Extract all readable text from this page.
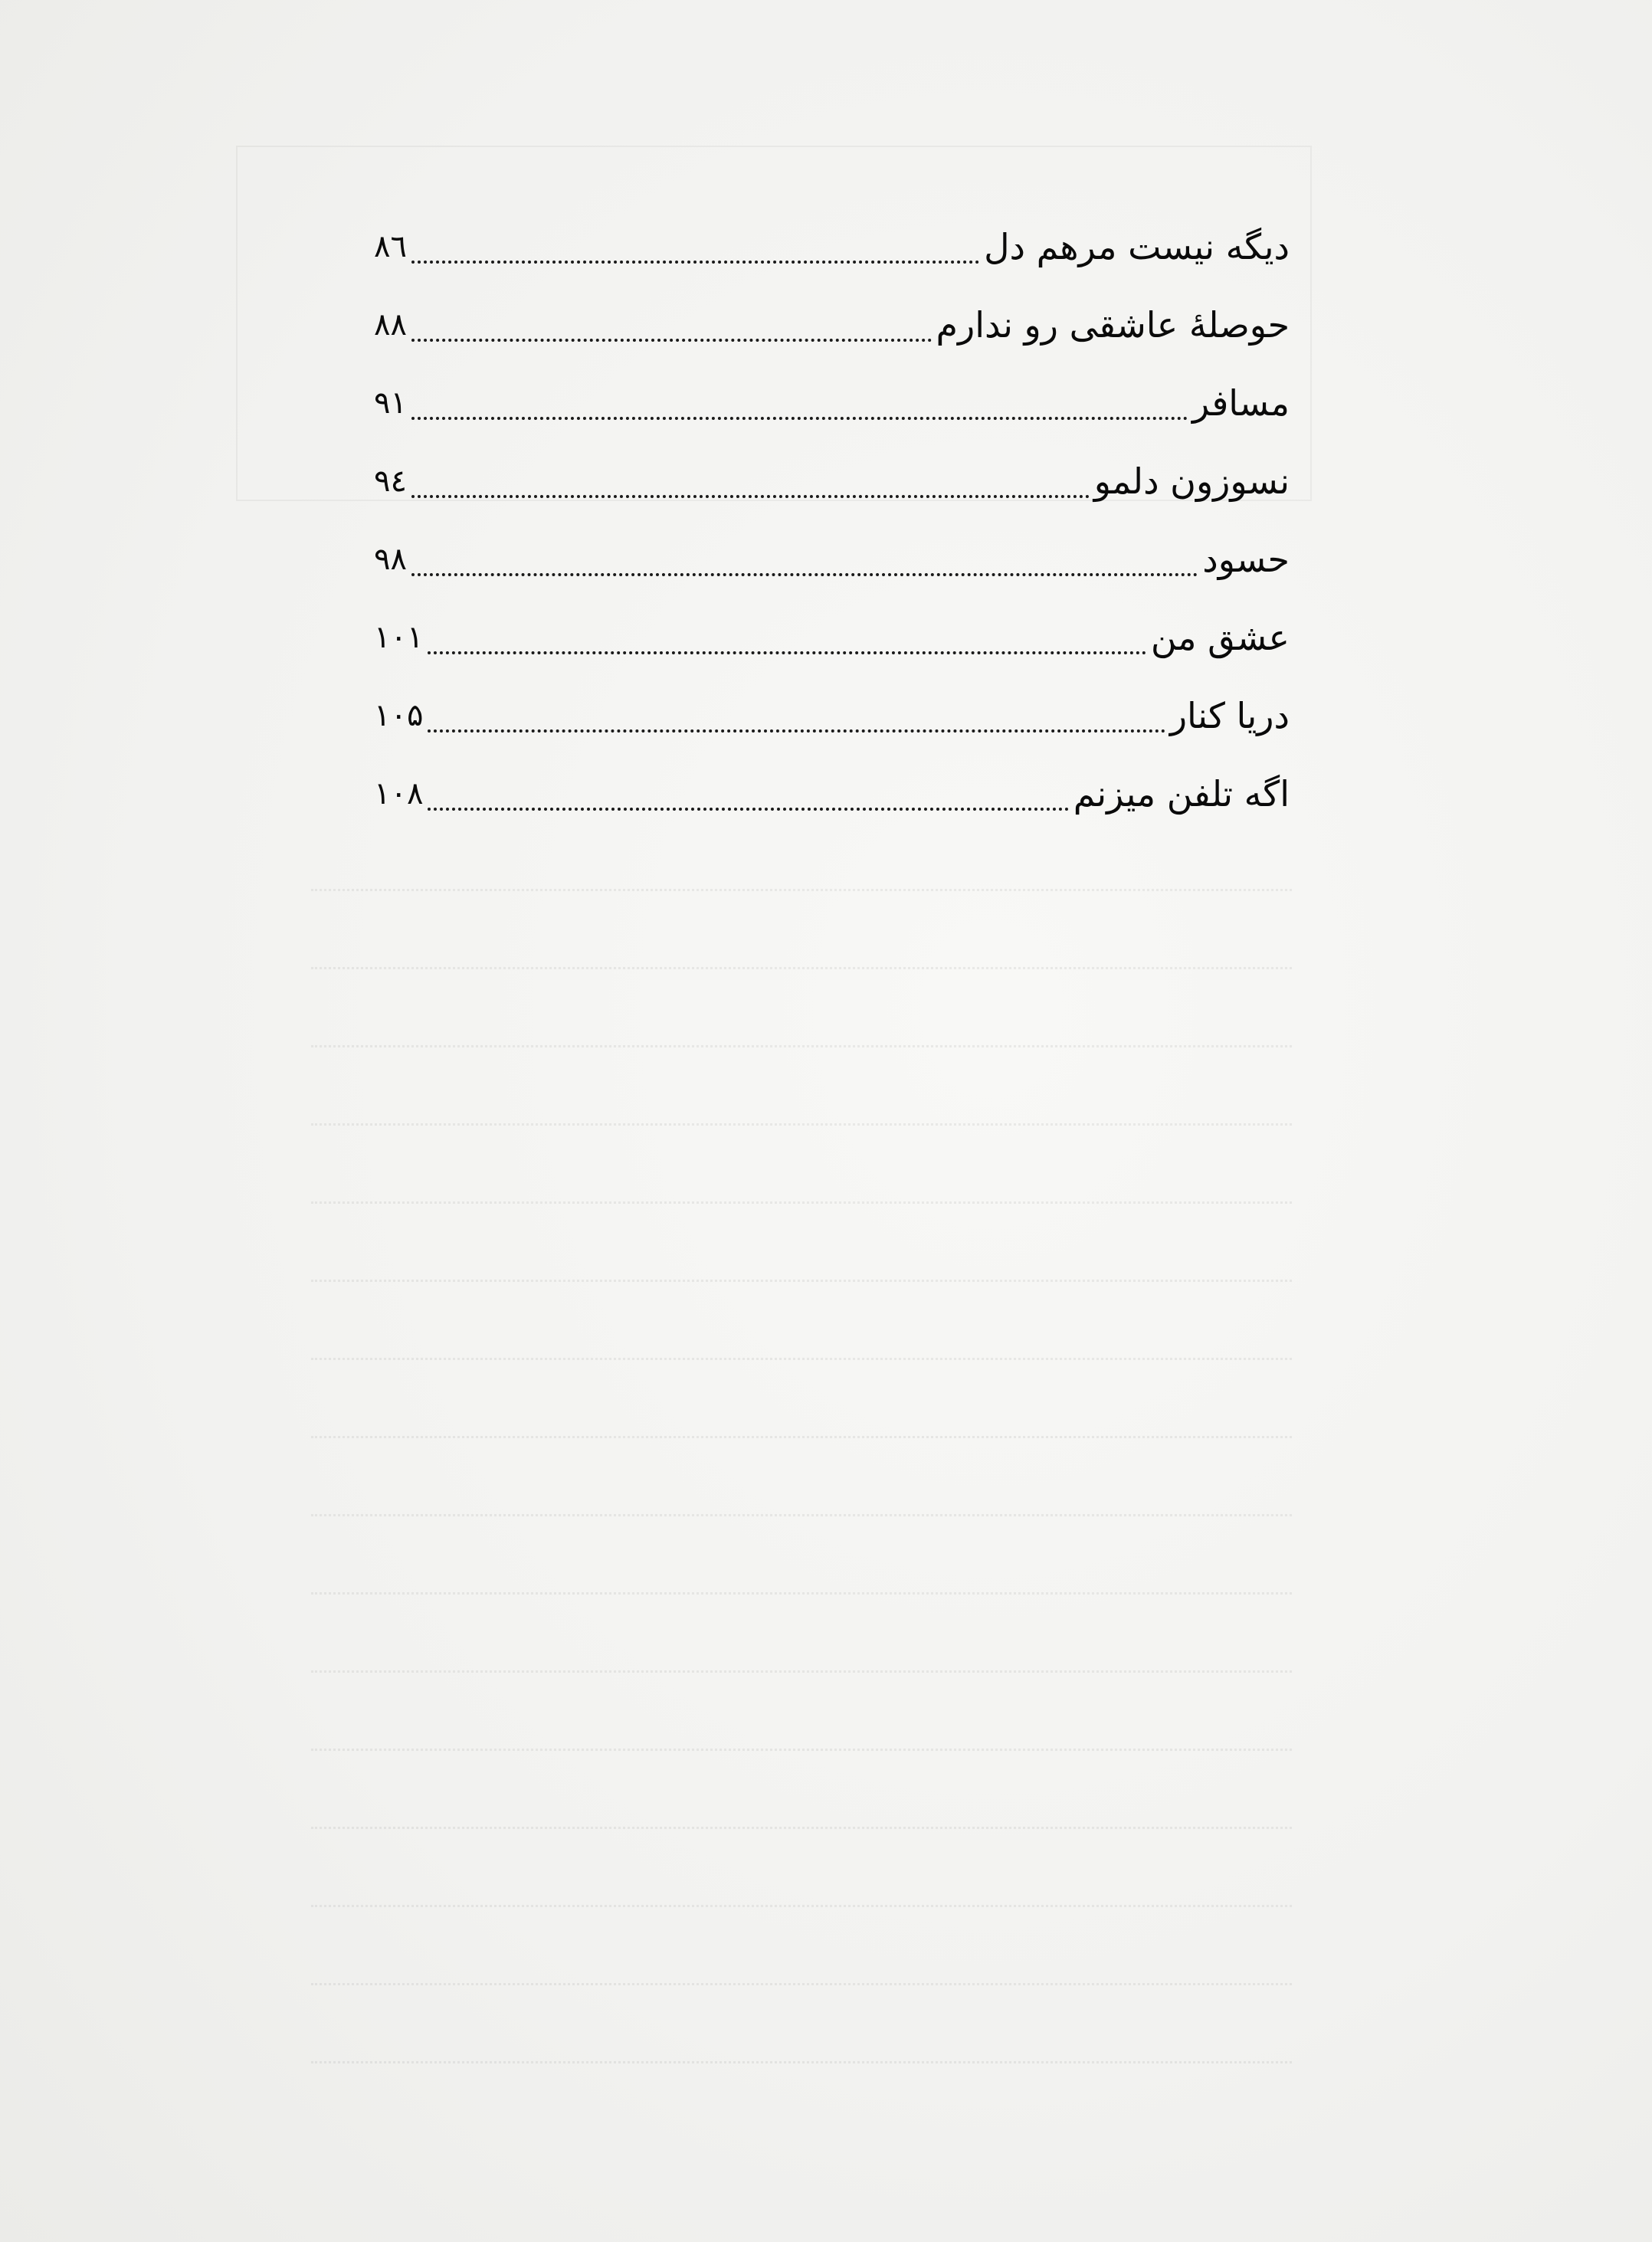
دیگه نیست مرهم دل
۸٦
حوصلهٔ عاشقی رو ندارم
۸۸
مسافر
۹۱
نسوزون دلمو
۹٤
حسود
۹۸
عشق من
۱۰۱
دریا کنار
۱۰۵
اگه تلفن میزنم
۱۰۸
